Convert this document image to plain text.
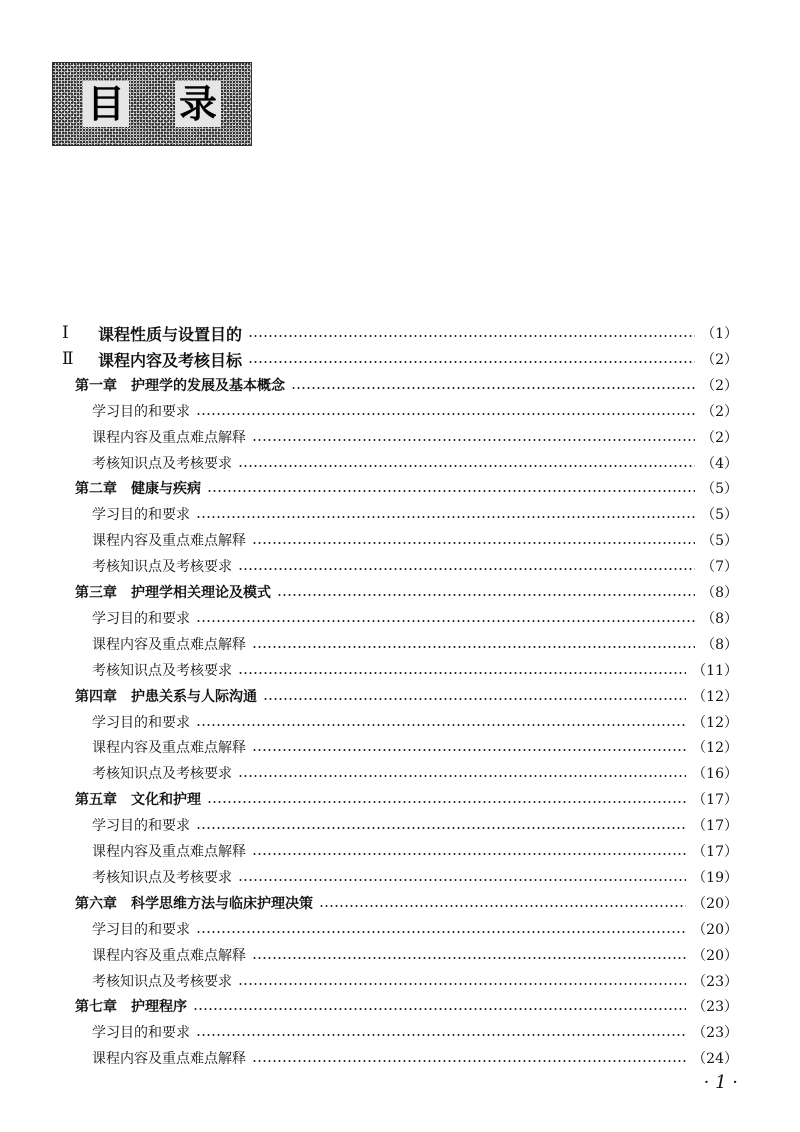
目 录
Ⅰ	课程性质与设置目的	（1）
Ⅱ	课程内容及考核目标	（2）
第一章 护理学的发展及基本概念	（2）
学习目的和要求	（2）
课程内容及重点难点解释	（2）
考核知识点及考核要求	（4）
第二章 健康与疾病	（5）
学习目的和要求	（5）
课程内容及重点难点解释	（5）
考核知识点及考核要求	（7）
第三章 护理学相关理论及模式	（8）
学习目的和要求	（8）
课程内容及重点难点解释	（8）
考核知识点及考核要求	（11）
第四章 护患关系与人际沟通	（12）
学习目的和要求	（12）
课程内容及重点难点解释	（12）
考核知识点及考核要求	（16）
第五章 文化和护理	（17）
学习目的和要求	（17）
课程内容及重点难点解释	（17）
考核知识点及考核要求	（19）
第六章 科学思维方法与临床护理决策	（20）
学习目的和要求	（20）
课程内容及重点难点解释	（20）
考核知识点及考核要求	（23）
第七章 护理程序	（23）
学习目的和要求	（23）
课程内容及重点难点解释	（24）
· 1 ·
